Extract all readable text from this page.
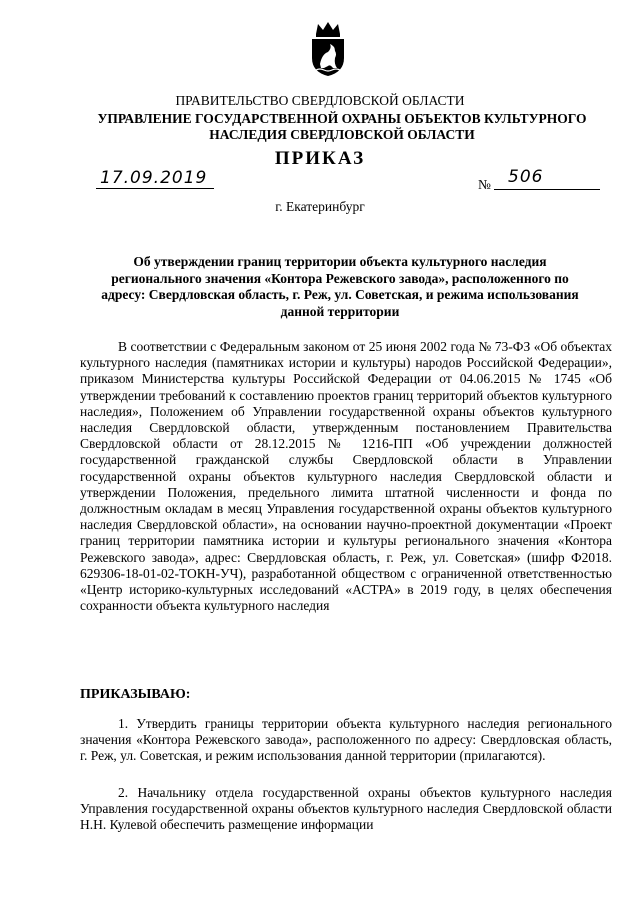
ПРАВИТЕЛЬСТВО СВЕРДЛОВСКОЙ ОБЛАСТИ
УПРАВЛЕНИЕ ГОСУДАРСТВЕННОЙ ОХРАНЫ ОБЪЕКТОВ КУЛЬТУРНОГО НАСЛЕДИЯ СВЕРДЛОВСКОЙ ОБЛАСТИ
ПРИКАЗ
17.09.2019	№ 506
г. Екатеринбург
Об утверждении границ территории объекта культурного наследия регионального значения «Контора Режевского завода», расположенного по адресу: Свердловская область, г. Реж, ул. Советская, и режима использования данной территории

В соответствии с Федеральным законом от 25 июня 2002 года № 73-ФЗ «Об объектах культурного наследия (памятниках истории и культуры) народов Российской Федерации», приказом Министерства культуры Российской Федерации от 04.06.2015 № 1745 «Об утверждении требований к составлению проектов границ территорий объектов культурного наследия», Положением об Управлении государственной охраны объектов культурного наследия Свердловской области, утвержденным постановлением Правительства Свердловской области от 28.12.2015 № 1216-ПП «Об учреждении должностей государственной гражданской службы Свердловской области в Управлении государственной охраны объектов культурного наследия Свердловской области и утверждении Положения, предельного лимита штатной численности и фонда по должностным окладам в месяц Управления государственной охраны объектов культурного наследия Свердловской области», на основании научно-проектной документации «Проект границ территории памятника истории и культуры регионального значения «Контора Режевского завода», адрес: Свердловская область, г. Реж, ул. Советская» (шифр Ф2018. 629306-18-01-02-ТОКН-УЧ), разработанной обществом с ограниченной ответственностью «Центр историко-культурных исследований «АСТРА» в 2019 году, в целях обеспечения сохранности объекта культурного наследия

ПРИКАЗЫВАЮ:

1. Утвердить границы территории объекта культурного наследия регионального значения «Контора Режевского завода», расположенного по адресу: Свердловская область, г. Реж, ул. Советская, и режим использования данной территории (прилагаются).

2. Начальнику отдела государственной охраны объектов культурного наследия Управления государственной охраны объектов культурного наследия Свердловской области Н.Н. Кулевой обеспечить размещение информации
